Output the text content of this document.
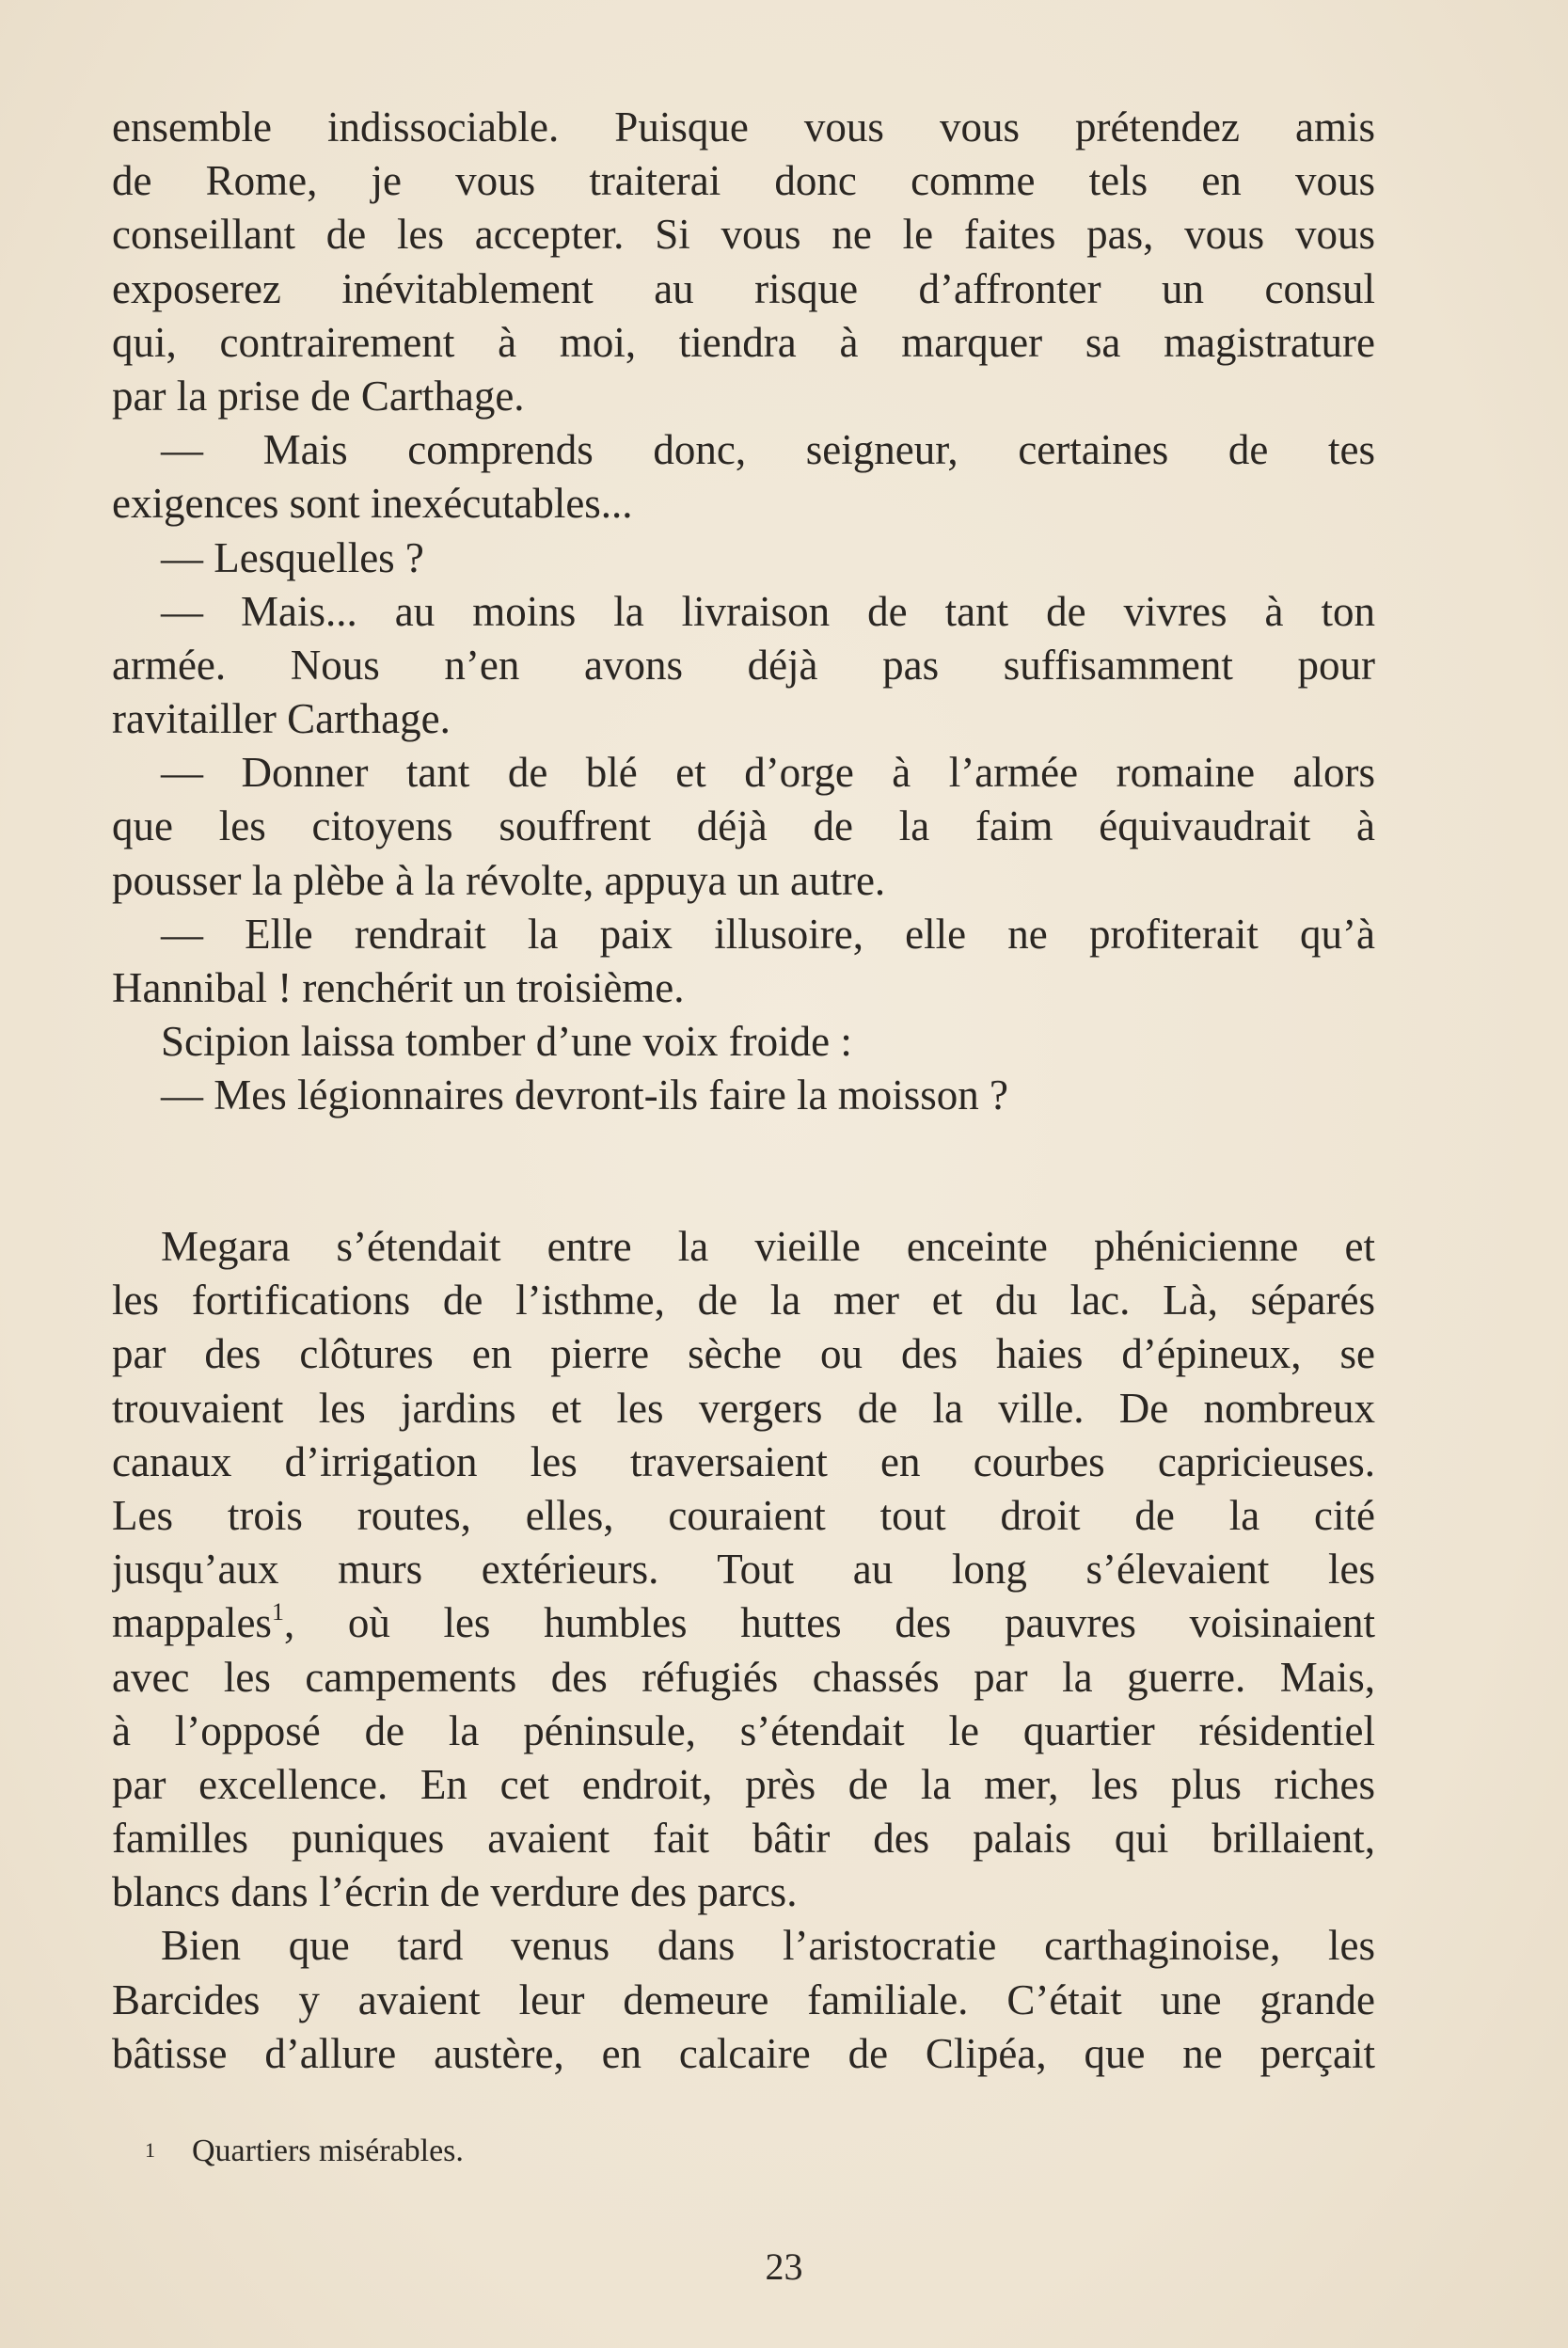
ensemble indissociable. Puisque vous vous prétendez amis
de Rome, je vous traiterai donc comme tels en vous
conseillant de les accepter. Si vous ne le faites pas, vous vous
exposerez inévitablement au risque d’affronter un consul
qui, contrairement à moi, tiendra à marquer sa magistrature
par la prise de Carthage.
— Mais comprends donc, seigneur, certaines de tes
exigences sont inexécutables...
— Lesquelles ?
— Mais... au moins la livraison de tant de vivres à ton
armée. Nous n’en avons déjà pas suffisamment pour
ravitailler Carthage.
— Donner tant de blé et d’orge à l’armée romaine alors
que les citoyens souffrent déjà de la faim équivaudrait à
pousser la plèbe à la révolte, appuya un autre.
— Elle rendrait la paix illusoire, elle ne profiterait qu’à
Hannibal ! renchérit un troisième.
Scipion laissa tomber d’une voix froide :
— Mes légionnaires devront-ils faire la moisson ?
Megara s’étendait entre la vieille enceinte phénicienne et
les fortifications de l’isthme, de la mer et du lac. Là, séparés
par des clôtures en pierre sèche ou des haies d’épineux, se
trouvaient les jardins et les vergers de la ville. De nombreux
canaux d’irrigation les traversaient en courbes capricieuses.
Les trois routes, elles, couraient tout droit de la cité
jusqu’aux murs extérieurs. Tout au long s’élevaient les
mappales$^1$, où les humbles huttes des pauvres voisinaient
avec les campements des réfugiés chassés par la guerre. Mais,
à l’opposé de la péninsule, s’étendait le quartier résidentiel
par excellence. En cet endroit, près de la mer, les plus riches
familles puniques avaient fait bâtir des palais qui brillaient,
blancs dans l’écrin de verdure des parcs.
Bien que tard venus dans l’aristocratie carthaginoise, les
Barcides y avaient leur demeure familiale. C’était une grande
bâtisse d’allure austère, en calcaire de Clipéa, que ne perçait
1 Quartiers misérables.
23
